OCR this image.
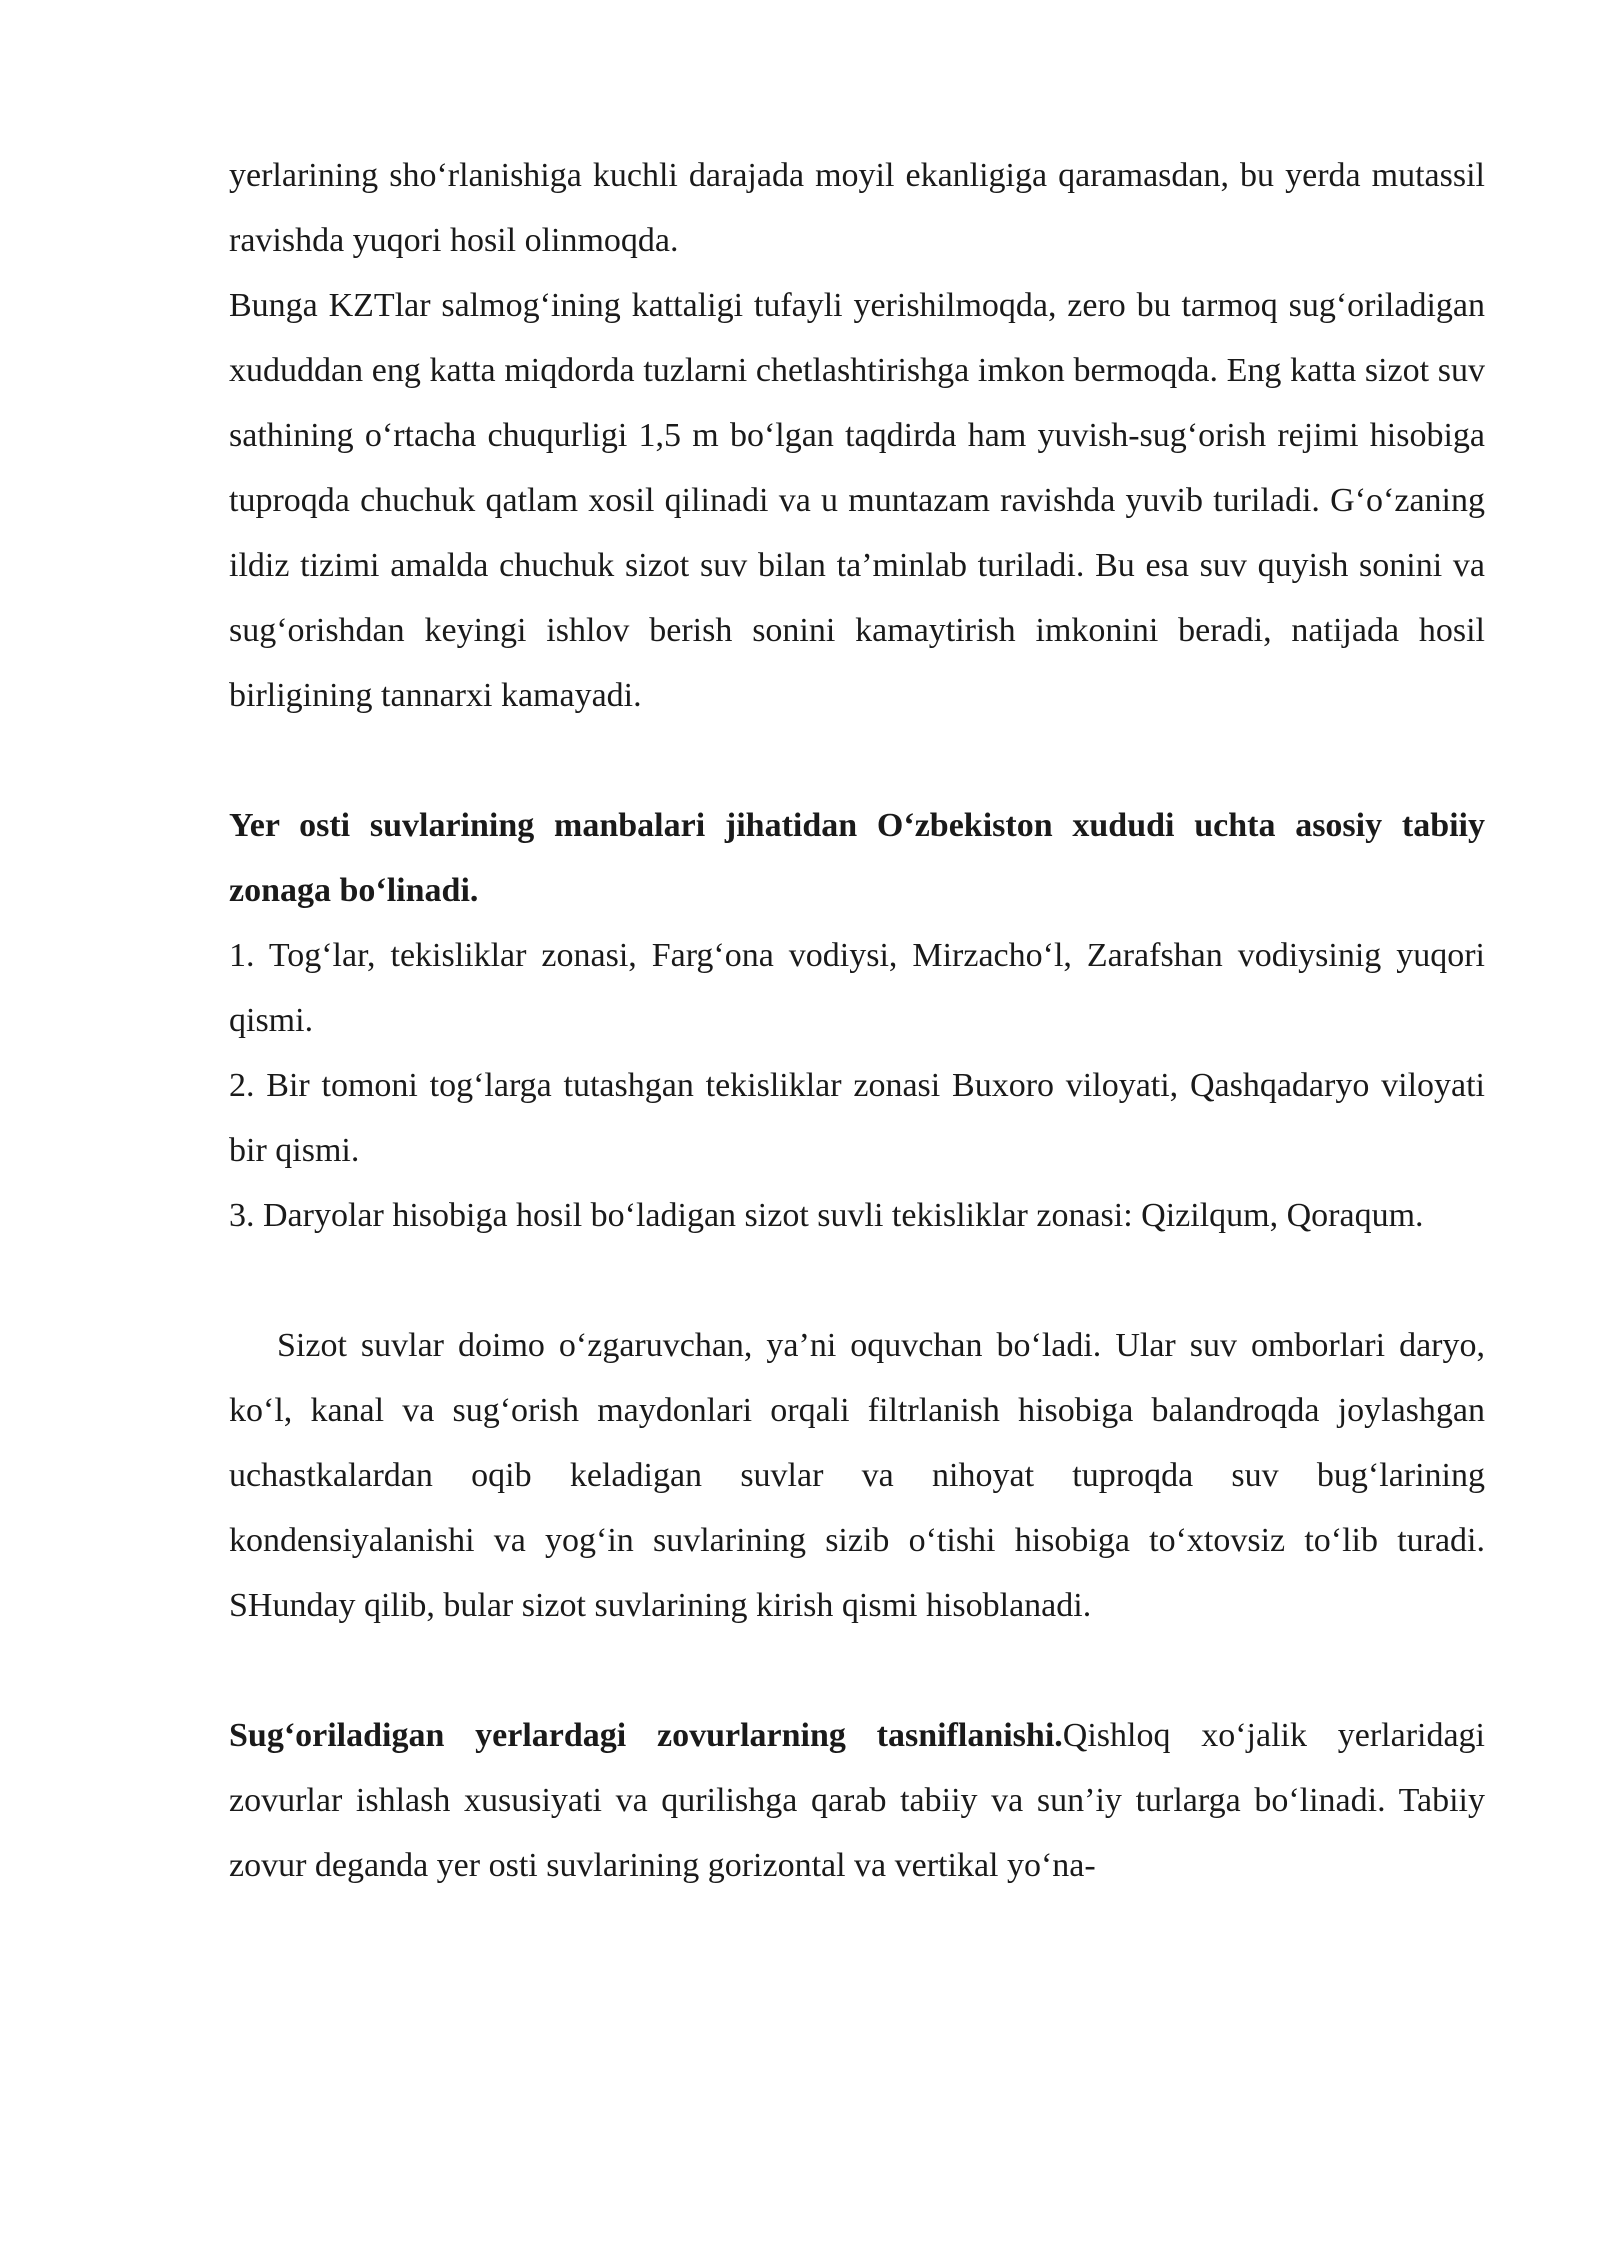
yerlarining sho‘rlanishiga kuchli darajada moyil ekanligiga qaramasdan, bu yerda mutassil ravishda yuqori hosil olinmoqda.

Bunga KZTlar salmog‘ining kattaligi tufayli yerishilmoqda, zero bu tarmoq sug‘oriladigan xududdan eng katta miqdorda tuzlarni chetlashtirishga imkon bermoqda. Eng katta sizot suv sathining o‘rtacha chuqurligi 1,5 m bo‘lgan taqdirda ham yuvish-sug‘orish rejimi hisobiga tuproqda chuchuk qatlam xosil qilinadi va u muntazam ravishda yuvib turiladi. G‘o‘zaning ildiz tizimi amalda chuchuk sizot suv bilan ta’minlab turiladi. Bu esa suv quyish sonini va sug‘orishdan keyingi ishlov berish sonini kamaytirish imkonini beradi, natijada hosil birligining tannarxi kamayadi.

Yer osti suvlarining manbalari jihatidan O‘zbekiston xududi uchta asosiy tabiiy zonaga bo‘linadi.

1. Tog‘lar, tekisliklar zonasi, Farg‘ona vodiysi, Mirzacho‘l, Zarafshan vodiysinig yuqori qismi.

2. Bir tomoni tog‘larga tutashgan tekisliklar zonasi Buxoro viloyati, Qashqadaryo viloyati bir qismi.

3. Daryolar hisobiga hosil bo‘ladigan sizot suvli tekisliklar zonasi: Qizilqum, Qoraqum.

Sizot suvlar doimo o‘zgaruvchan, ya’ni oquvchan bo‘ladi. Ular suv omborlari daryo, ko‘l, kanal va sug‘orish maydonlari orqali filtrlanish hisobiga balandroqda joylashgan uchastkalardan oqib keladigan suvlar va nihoyat tuproqda suv bug‘larining kondensiyalanishi va yog‘in suvlarining sizib o‘tishi hisobiga to‘xtovsiz to‘lib turadi. SHunday qilib, bular sizot suvlarining kirish qismi hisoblanadi.

Sug‘oriladigan yerlardagi zovurlarning tasniflanishi.Qishloq xo‘jalik yerlaridagi zovurlar ishlash xususiyati va qurilishga qarab tabiiy va sun’iy turlarga bo‘linadi. Tabiiy zovur deganda yer osti suvlarining gorizontal va vertikal yo‘na-
